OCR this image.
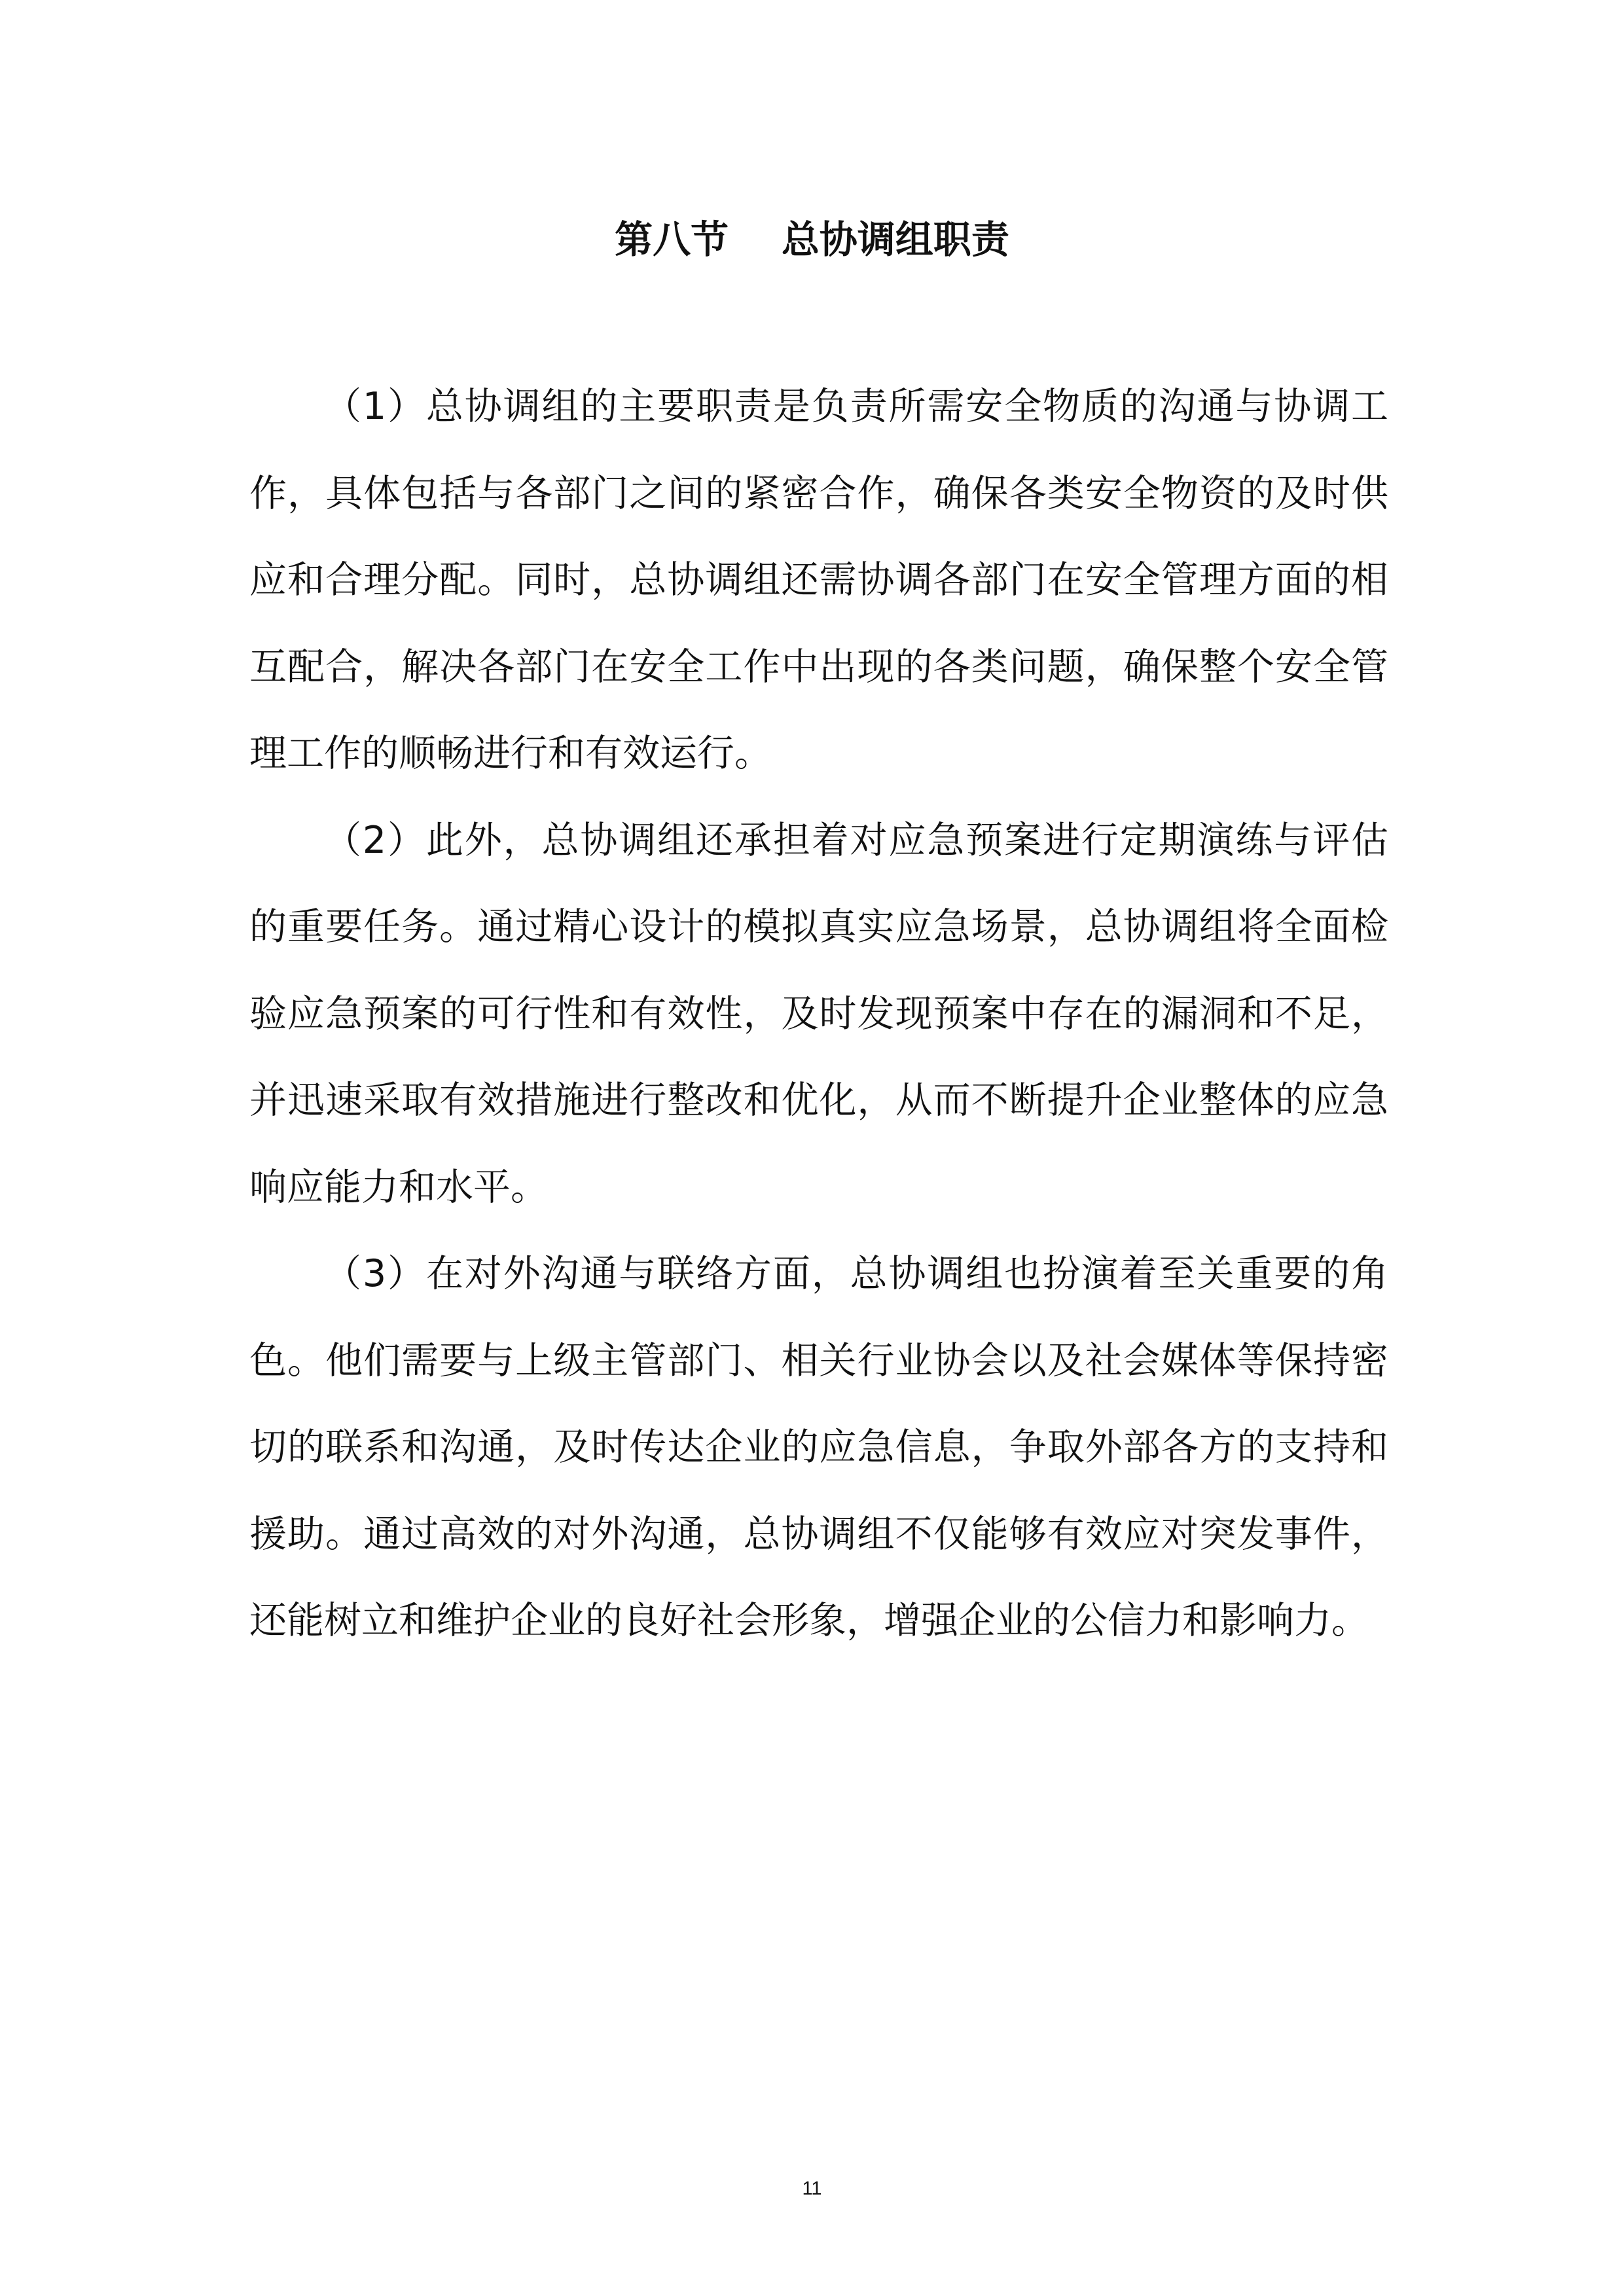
第八节    总协调组职责

（1）总协调组的主要职责是负责所需安全物质的沟通与协调工作，具体包括与各部门之间的紧密合作，确保各类安全物资的及时供应和合理分配。同时，总协调组还需协调各部门在安全管理方面的相互配合，解决各部门在安全工作中出现的各类问题，确保整个安全管理工作的顺畅进行和有效运行。

（2）此外，总协调组还承担着对应急预案进行定期演练与评估的重要任务。通过精心设计的模拟真实应急场景，总协调组将全面检验应急预案的可行性和有效性，及时发现预案中存在的漏洞和不足，并迅速采取有效措施进行整改和优化，从而不断提升企业整体的应急响应能力和水平。

（3）在对外沟通与联络方面，总协调组也扮演着至关重要的角色。他们需要与上级主管部门、相关行业协会以及社会媒体等保持密切的联系和沟通，及时传达企业的应急信息，争取外部各方的支持和援助。通过高效的对外沟通，总协调组不仅能够有效应对突发事件，还能树立和维护企业的良好社会形象，增强企业的公信力和影响力。

11
